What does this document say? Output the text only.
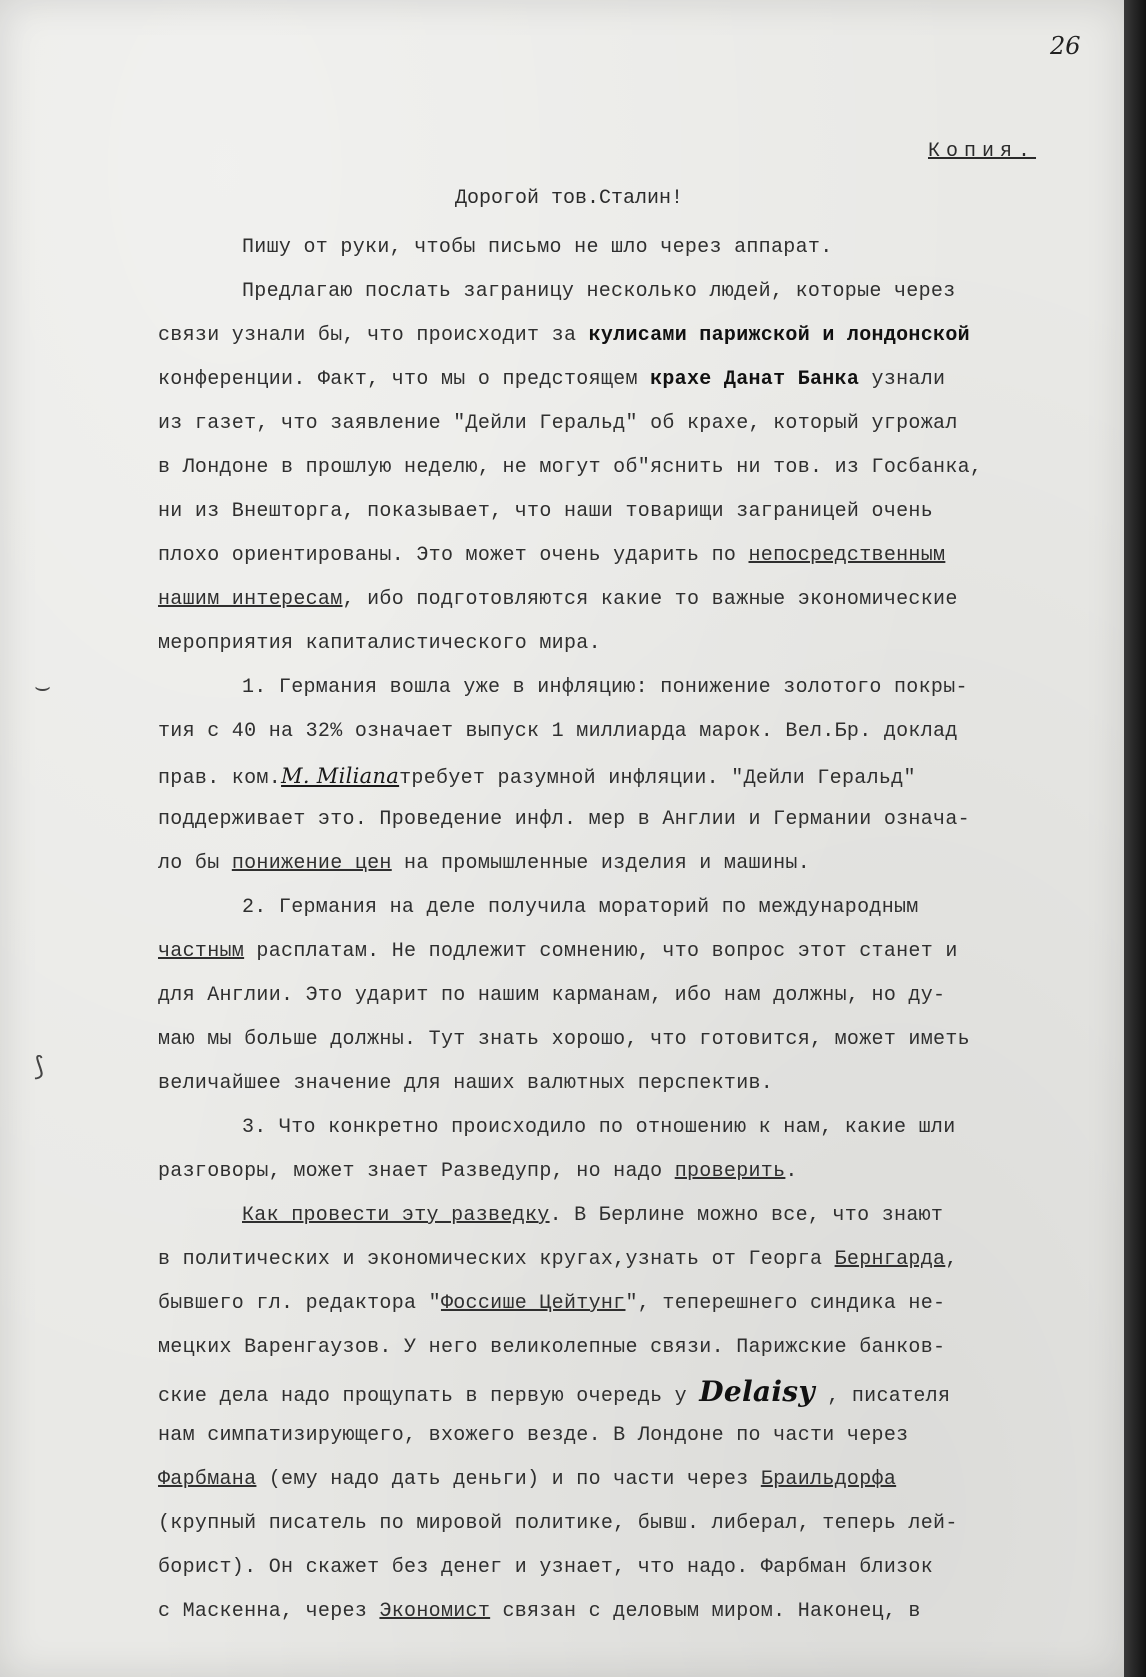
26
Копия.
Дорогой тов.Сталин!
⌣
⟆
Пишу от руки, чтобы письмо не шло через аппарат.
Предлагаю послать заграницу несколько людей, которые через
связи узнали бы, что происходит за кулисами парижской и лондонской
конференции. Факт, что мы о предстоящем крахе Данат Банка узнали
из газет, что заявление "Дейли Геральд" об крахе, который угрожал
в Лондоне в прошлую неделю, не могут об"яснить ни тов. из Госбанка,
ни из Внешторга, показывает, что наши товарищи заграницей очень
плохо ориентированы. Это может очень ударить по непосредственным
нашим интересам, ибо подготовляются какие то важные экономические
мероприятия капиталистического мира.
1. Германия вошла уже в инфляцию: понижение золотого покры-
тия с 40 на 32% означает выпуск 1 миллиарда марок. Вел.Бр. доклад
прав. ком.M. Milianaтребует разумной инфляции. "Дейли Геральд"
поддерживает это. Проведение инфл. мер в Англии и Германии означа-
ло бы понижение цен на промышленные изделия и машины.
2. Германия на деле получила мораторий по международным
частным расплатам. Не подлежит сомнению, что вопрос этот станет и
для Англии. Это ударит по нашим карманам, ибо нам должны, но ду-
маю мы больше должны. Тут знать хорошо, что готовится, может иметь
величайшее значение для наших валютных перспектив.
3. Что конкретно происходило по отношению к нам, какие шли
разговоры, может знает Разведупр, но надо проверить.
Как провести эту разведку. В Берлине можно все, что знают
в политических и экономических кругах,узнать от Георга Бернгарда,
бывшего гл. редактора "Фоссише Цейтунг", теперешнего синдика не-
мецких Варенгаузов. У него великолепные связи. Парижские банков-
ские дела надо прощупать в первую очередь у Delaisy , писателя
нам симпатизирующего, вхожего везде. В Лондоне по части через
Фарбмана (ему надо дать деньги) и по части через Браильдорфа
(крупный писатель по мировой политике, бывш. либерал, теперь лей-
борист). Он скажет без денег и узнает, что надо. Фарбман близок
с Маскенна, через Экономист связан с деловым миром. Наконец, в
